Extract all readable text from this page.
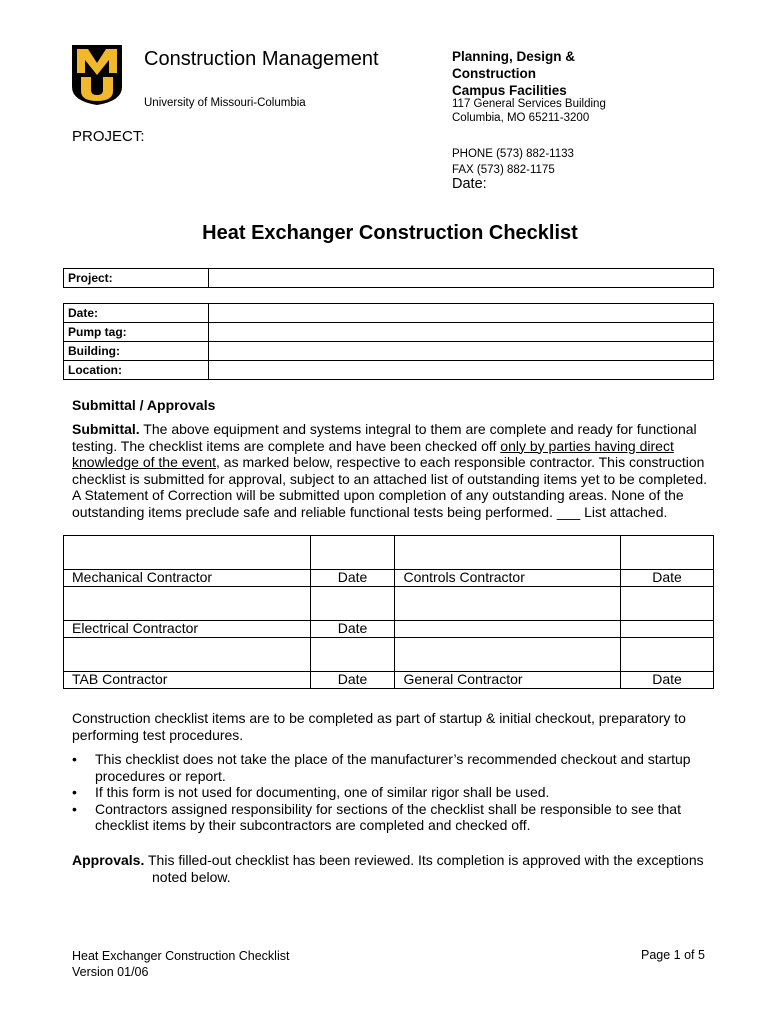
Construction Management
University of Missouri-Columbia
PROJECT:
Planning, Design &
Construction
Campus Facilities
117 General Services Building
Columbia, MO 65211-3200
PHONE (573) 882-1133
FAX (573) 882-1175
Date:
Heat Exchanger Construction Checklist
Project:	
Date:	
Pump tag:	
Building:	
Location:	
Submittal / Approvals
Submittal. The above equipment and systems integral to them are complete and ready for functional testing. The checklist items are complete and have been checked off only by parties having direct knowledge of the event, as marked below, respective to each responsible contractor. This construction checklist is submitted for approval, subject to an attached list of outstanding items yet to be completed. A Statement of Correction will be submitted upon completion of any outstanding areas. None of the outstanding items preclude safe and reliable functional tests being performed. ___ List attached.

Mechanical Contractor	Date	Controls Contractor	Date

Electrical Contractor	Date		

TAB Contractor	Date	General Contractor	Date
Construction checklist items are to be completed as part of startup & initial checkout, preparatory to performing test procedures.
• This checklist does not take the place of the manufacturer’s recommended checkout and startup procedures or report.
• If this form is not used for documenting, one of similar rigor shall be used.
• Contractors assigned responsibility for sections of the checklist shall be responsible to see that checklist items by their subcontractors are completed and checked off.
Approvals. This filled-out checklist has been reviewed. Its completion is approved with the exceptions
noted below.
Heat Exchanger Construction Checklist
Version 01/06
Page 1 of 5
